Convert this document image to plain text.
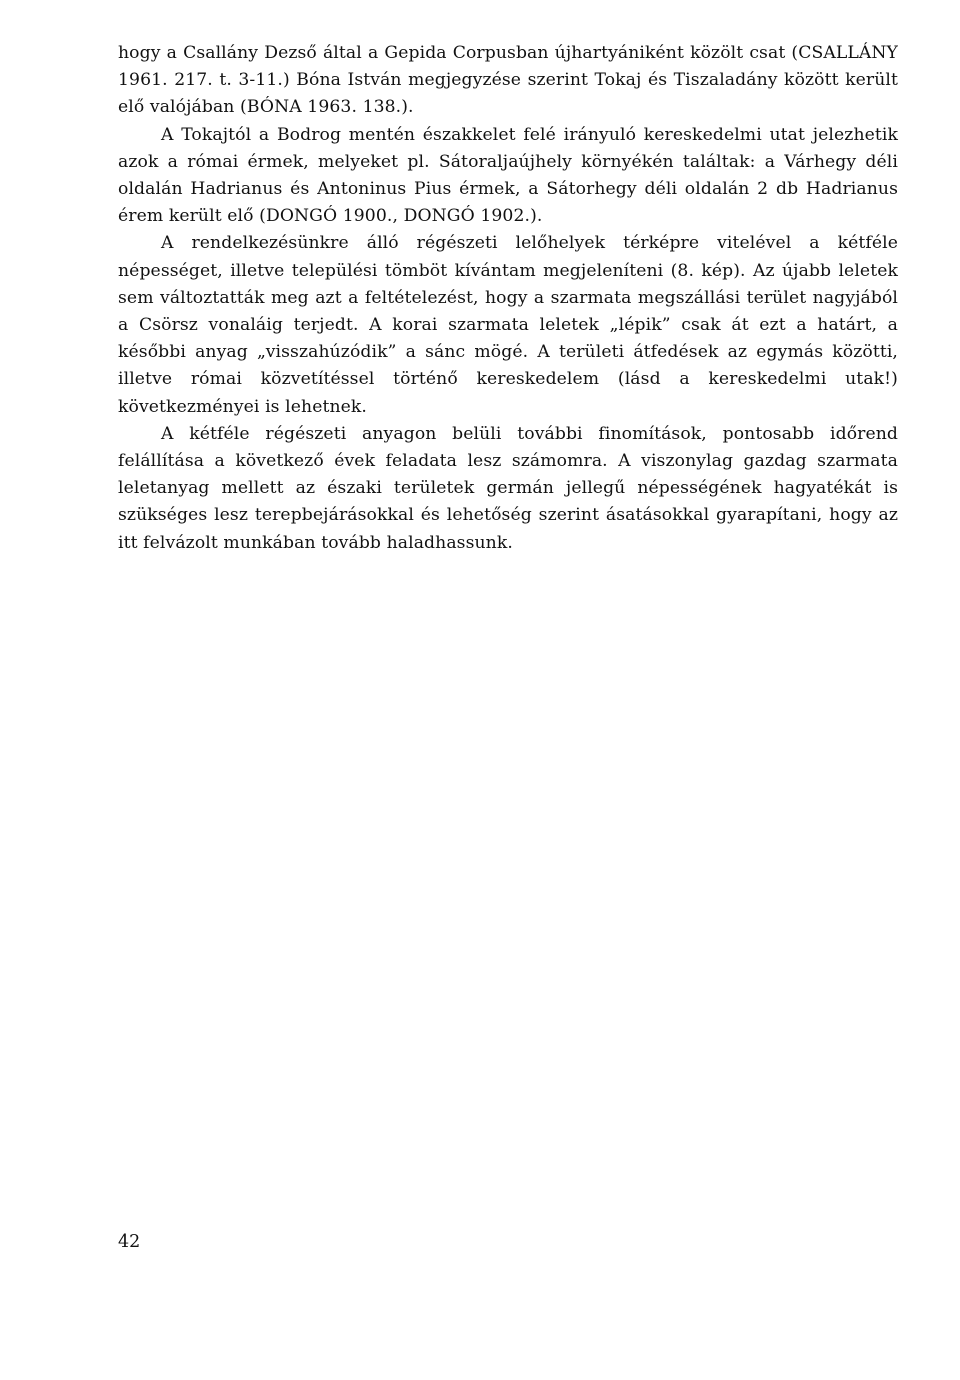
hogy a Csallány Dezső által a Gepida Corpusban újhartyániként közölt csat (CSALLÁNY 1961. 217. t. 3-11.) Bóna István megjegyzése szerint Tokaj és Tiszaladány között került elő valójában (BÓNA 1963. 138.).

A Tokajtól a Bodrog mentén északkelet felé irányuló kereskedelmi utat jelezhetik azok a római érmek, melyeket pl. Sátoraljaújhely környékén találtak: a Várhegy déli oldalán Hadrianus és Antoninus Pius érmek, a Sátorhegy déli oldalán 2 db Hadrianus érem került elő (DONGÓ 1900., DONGÓ 1902.).

A rendelkezésünkre álló régészeti lelőhelyek térképre vitelével a kétféle népességet, illetve települési tömböt kívántam megjeleníteni (8. kép). Az újabb leletek sem változtatták meg azt a feltételezést, hogy a szarmata megszállási terület nagyjából a Csörsz vonaláig terjedt. A korai szarmata leletek „lépik” csak át ezt a határt, a későbbi anyag „visszahúzódik” a sánc mögé. A területi átfedések az egymás közötti, illetve római közvetítéssel történő kereskedelem (lásd a kereskedelmi utak!) következményei is lehetnek.

A kétféle régészeti anyagon belüli további finomítások, pontosabb időrend felállítása a következő évek feladata lesz számomra. A viszonylag gazdag szarmata leletanyag mellett az északi területek germán jellegű népességének hagyatékát is szükséges lesz terepbejárásokkal és lehetőség szerint ásatásokkal gyarapítani, hogy az itt felvázolt munkában tovább haladhassunk.

42
